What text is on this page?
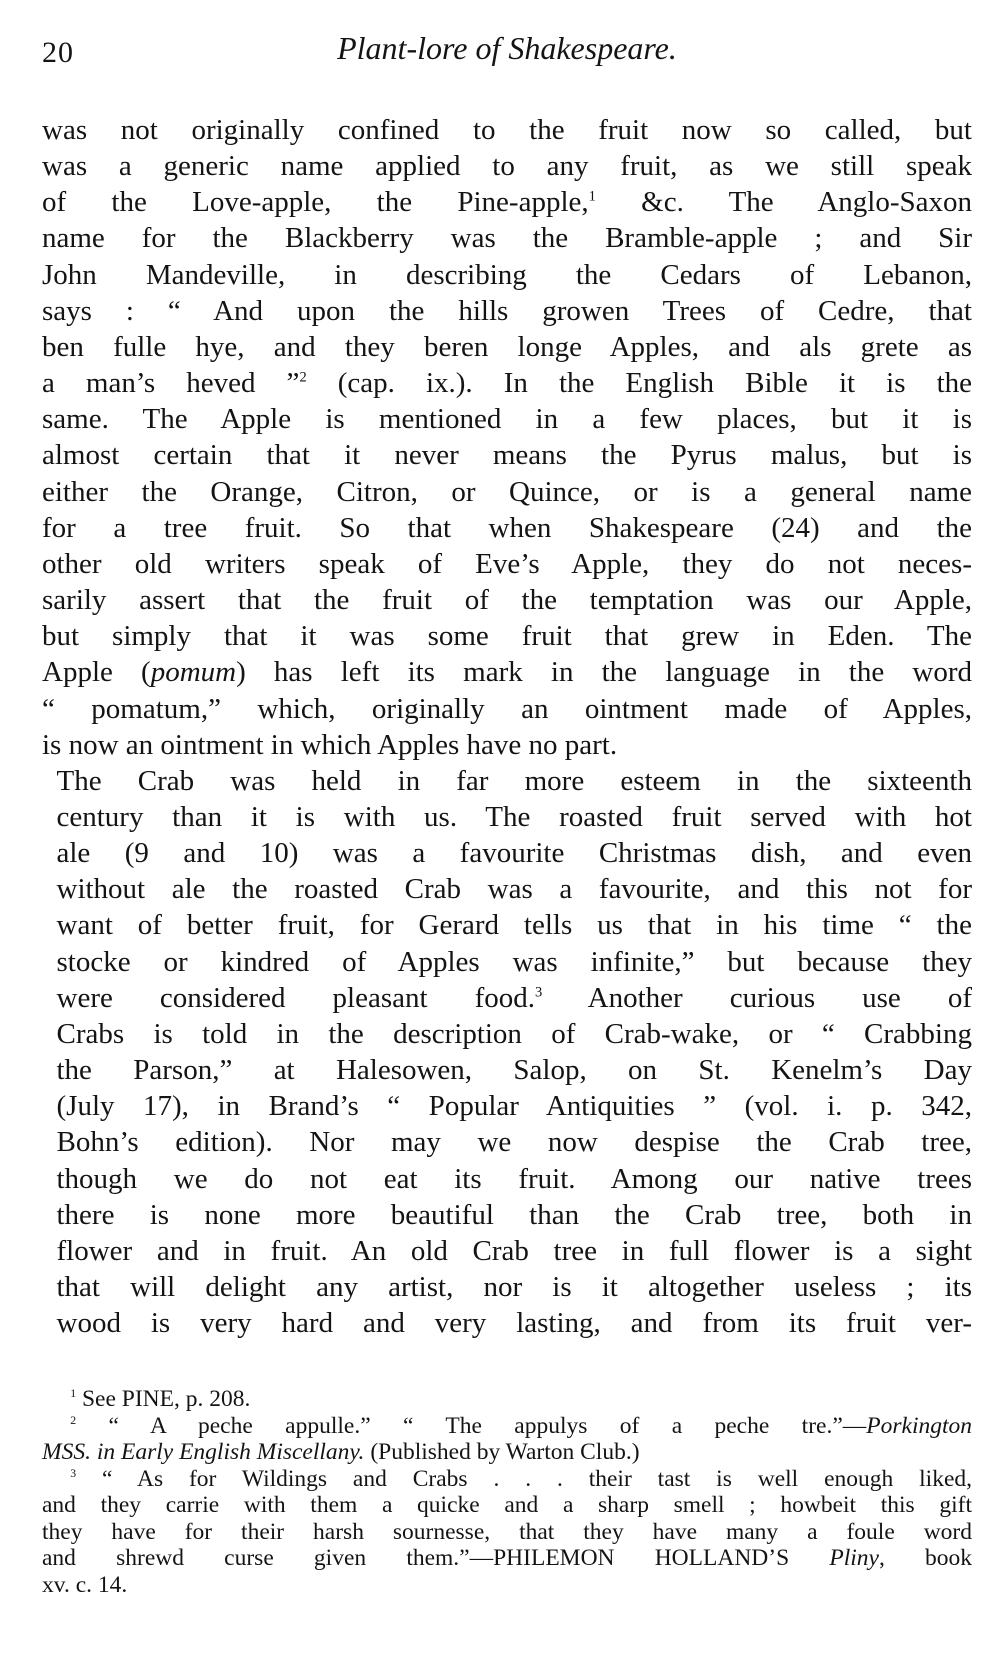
20	Plant-lore of Shakespeare.

was not originally confined to the fruit now so called, but
was a generic name applied to any fruit, as we still speak
of the Love-apple, the Pine-apple,$^1$ &c. The Anglo-Saxon
name for the Blackberry was the Bramble-apple ; and Sir
John Mandeville, in describing the Cedars of Lebanon,
says : “ And upon the hills growen Trees of Cedre, that
ben fulle hye, and they beren longe Apples, and als grete as
a man’s heved ”$^2$ (cap. ix.). In the English Bible it is the
same. The Apple is mentioned in a few places, but it is
almost certain that it never means the Pyrus malus, but is
either the Orange, Citron, or Quince, or is a general name
for a tree fruit. So that when Shakespeare (24) and the
other old writers speak of Eve’s Apple, they do not neces-
sarily assert that the fruit of the temptation was our Apple,
but simply that it was some fruit that grew in Eden. The
Apple (pomum) has left its mark in the language in the word
“ pomatum,” which, originally an ointment made of Apples,
is now an ointment in which Apples have no part.

The Crab was held in far more esteem in the sixteenth
century than it is with us. The roasted fruit served with hot
ale (9 and 10) was a favourite Christmas dish, and even
without ale the roasted Crab was a favourite, and this not for
want of better fruit, for Gerard tells us that in his time “ the
stocke or kindred of Apples was infinite,” but because they
were considered pleasant food.$^3$ Another curious use of
Crabs is told in the description of Crab-wake, or “ Crabbing
the Parson,” at Halesowen, Salop, on St. Kenelm’s Day
(July 17), in Brand’s “ Popular Antiquities ” (vol. i. p. 342,
Bohn’s edition). Nor may we now despise the Crab tree,
though we do not eat its fruit. Among our native trees
there is none more beautiful than the Crab tree, both in
flower and in fruit. An old Crab tree in full flower is a sight
that will delight any artist, nor is it altogether useless ; its
wood is very hard and very lasting, and from its fruit ver-

$^1$ See PINE, p. 208.

$^2$ “ A peche appulle.” “ The appulys of a peche tre.”—Porkington
MSS. in Early English Miscellany. (Published by Warton Club.)

$^3$ “ As for Wildings and Crabs . . . their tast is well enough liked,
and they carrie with them a quicke and a sharp smell ; howbeit this gift
they have for their harsh sournesse, that they have many a foule word
and shrewd curse given them.”—PHILEMON HOLLAND’S Pliny, book
xv. c. 14.
